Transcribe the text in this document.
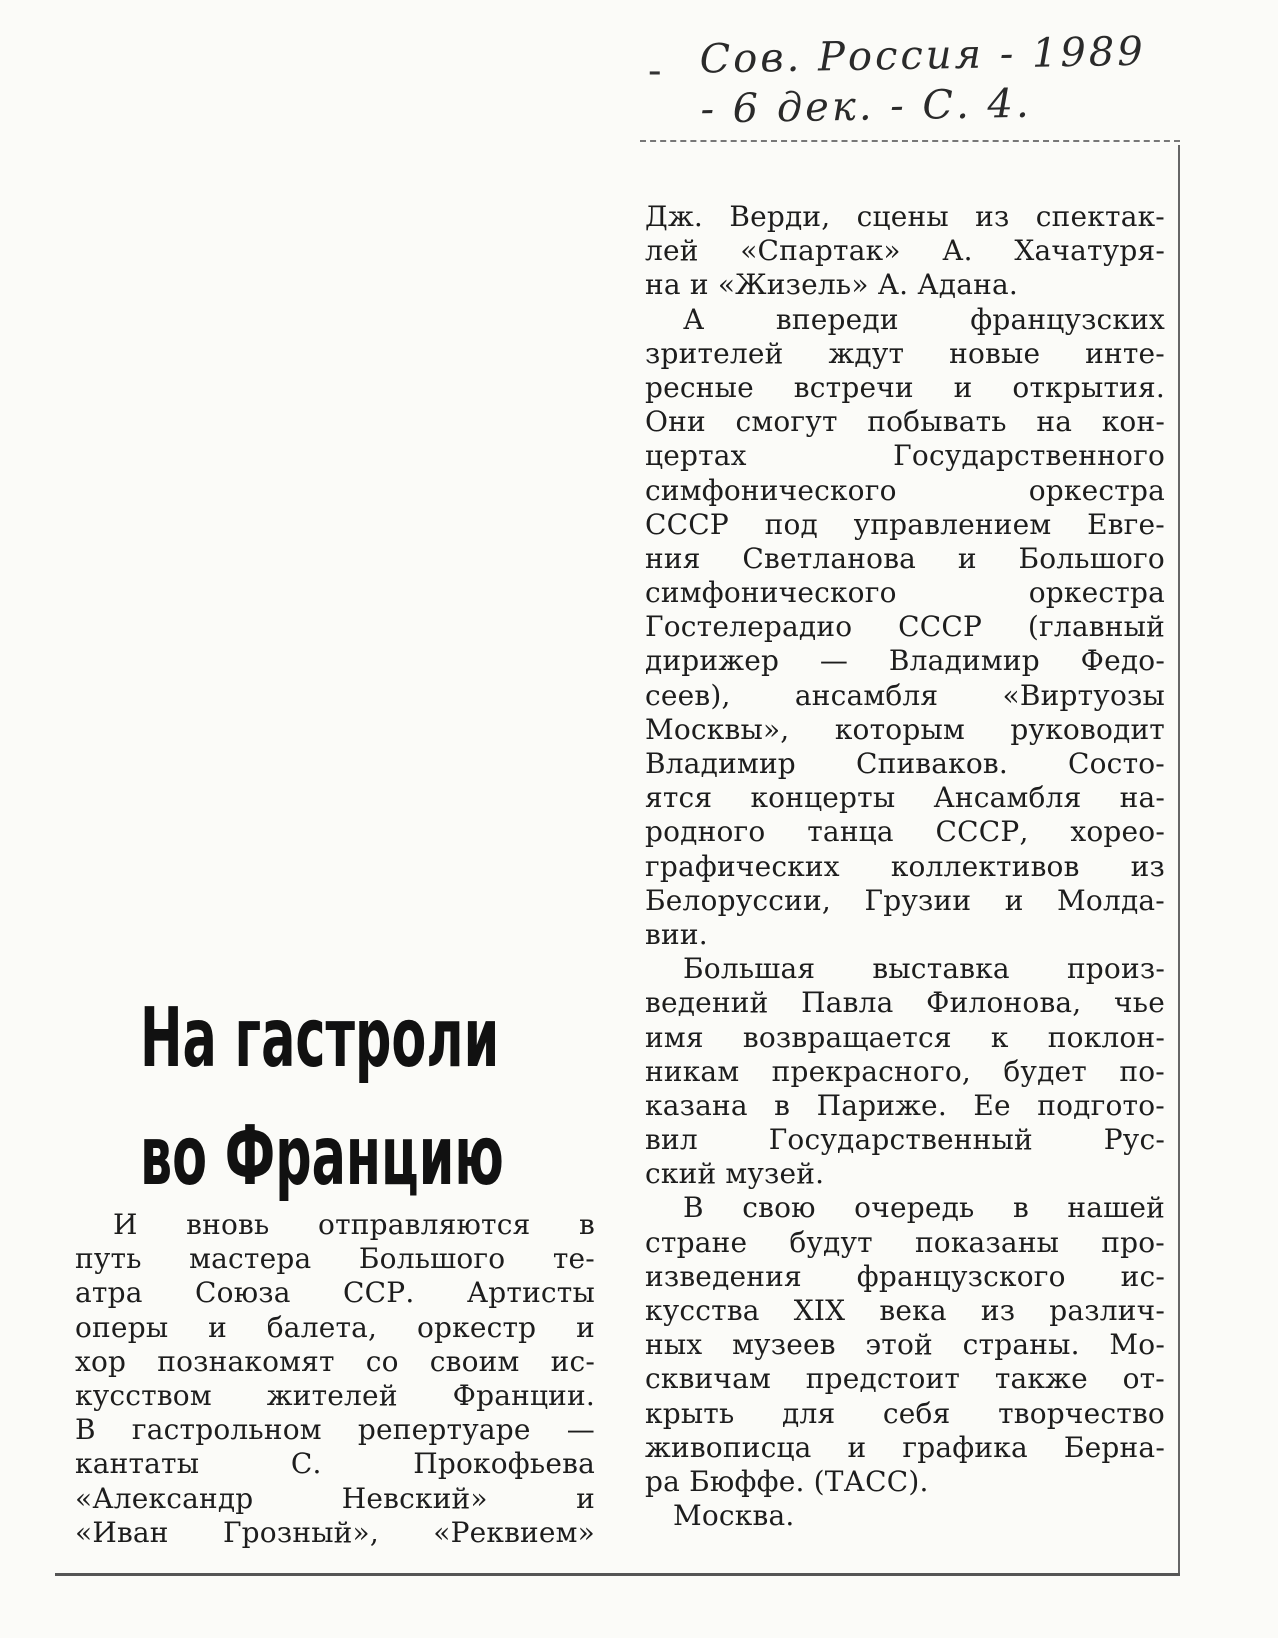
- Сов. Россия - 1989
- 6 дек. - С. 4.
На гастроли
во Францию
И вновь отправляются в
путь мастера Большого те-
атра Союза ССР. Артисты
оперы и балета, оркестр и
хор познакомят со своим ис-
кусством жителей Франции.
В гастрольном репертуаре —
кантаты	С.	Прокофьева
«Александр	Невский»	и
«Иван Грозный», «Реквием»
Дж. Верди, сцены из спектак-
лей «Спартак» А. Хачатуря-
на и «Жизель» А. Адана.
А	впереди	французских
зрителей ждут новые инте-
ресные встречи и открытия.
Они смогут побывать на кон-
цертах	Государственного
симфонического	оркестра
СССР под управлением Евге-
ния Светланова и Большого
симфонического	оркестра
Гостелерадио СССР (главный
дирижер — Владимир Федо-
сеев), ансамбля «Виртуозы
Москвы», которым руководит
Владимир Спиваков. Состо-
ятся концерты Ансамбля на-
родного танца СССР, хорео-
графических коллективов из
Белоруссии, Грузии и Молда-
вии.
Большая выставка произ-
ведений Павла Филонова, чье
имя возвращается к поклон-
никам прекрасного, будет по-
казана в Париже. Ее подгото-
вил	Государственный	Рус-
ский музей.
В свою очередь в нашей
стране будут показаны про-
изведения французского ис-
кусства XIX века из различ-
ных музеев этой страны. Мо-
сквичам предстоит также от-
крыть для себя творчество
живописца и графика Берна-
ра Бюффе. (ТАСС).
Москва.
